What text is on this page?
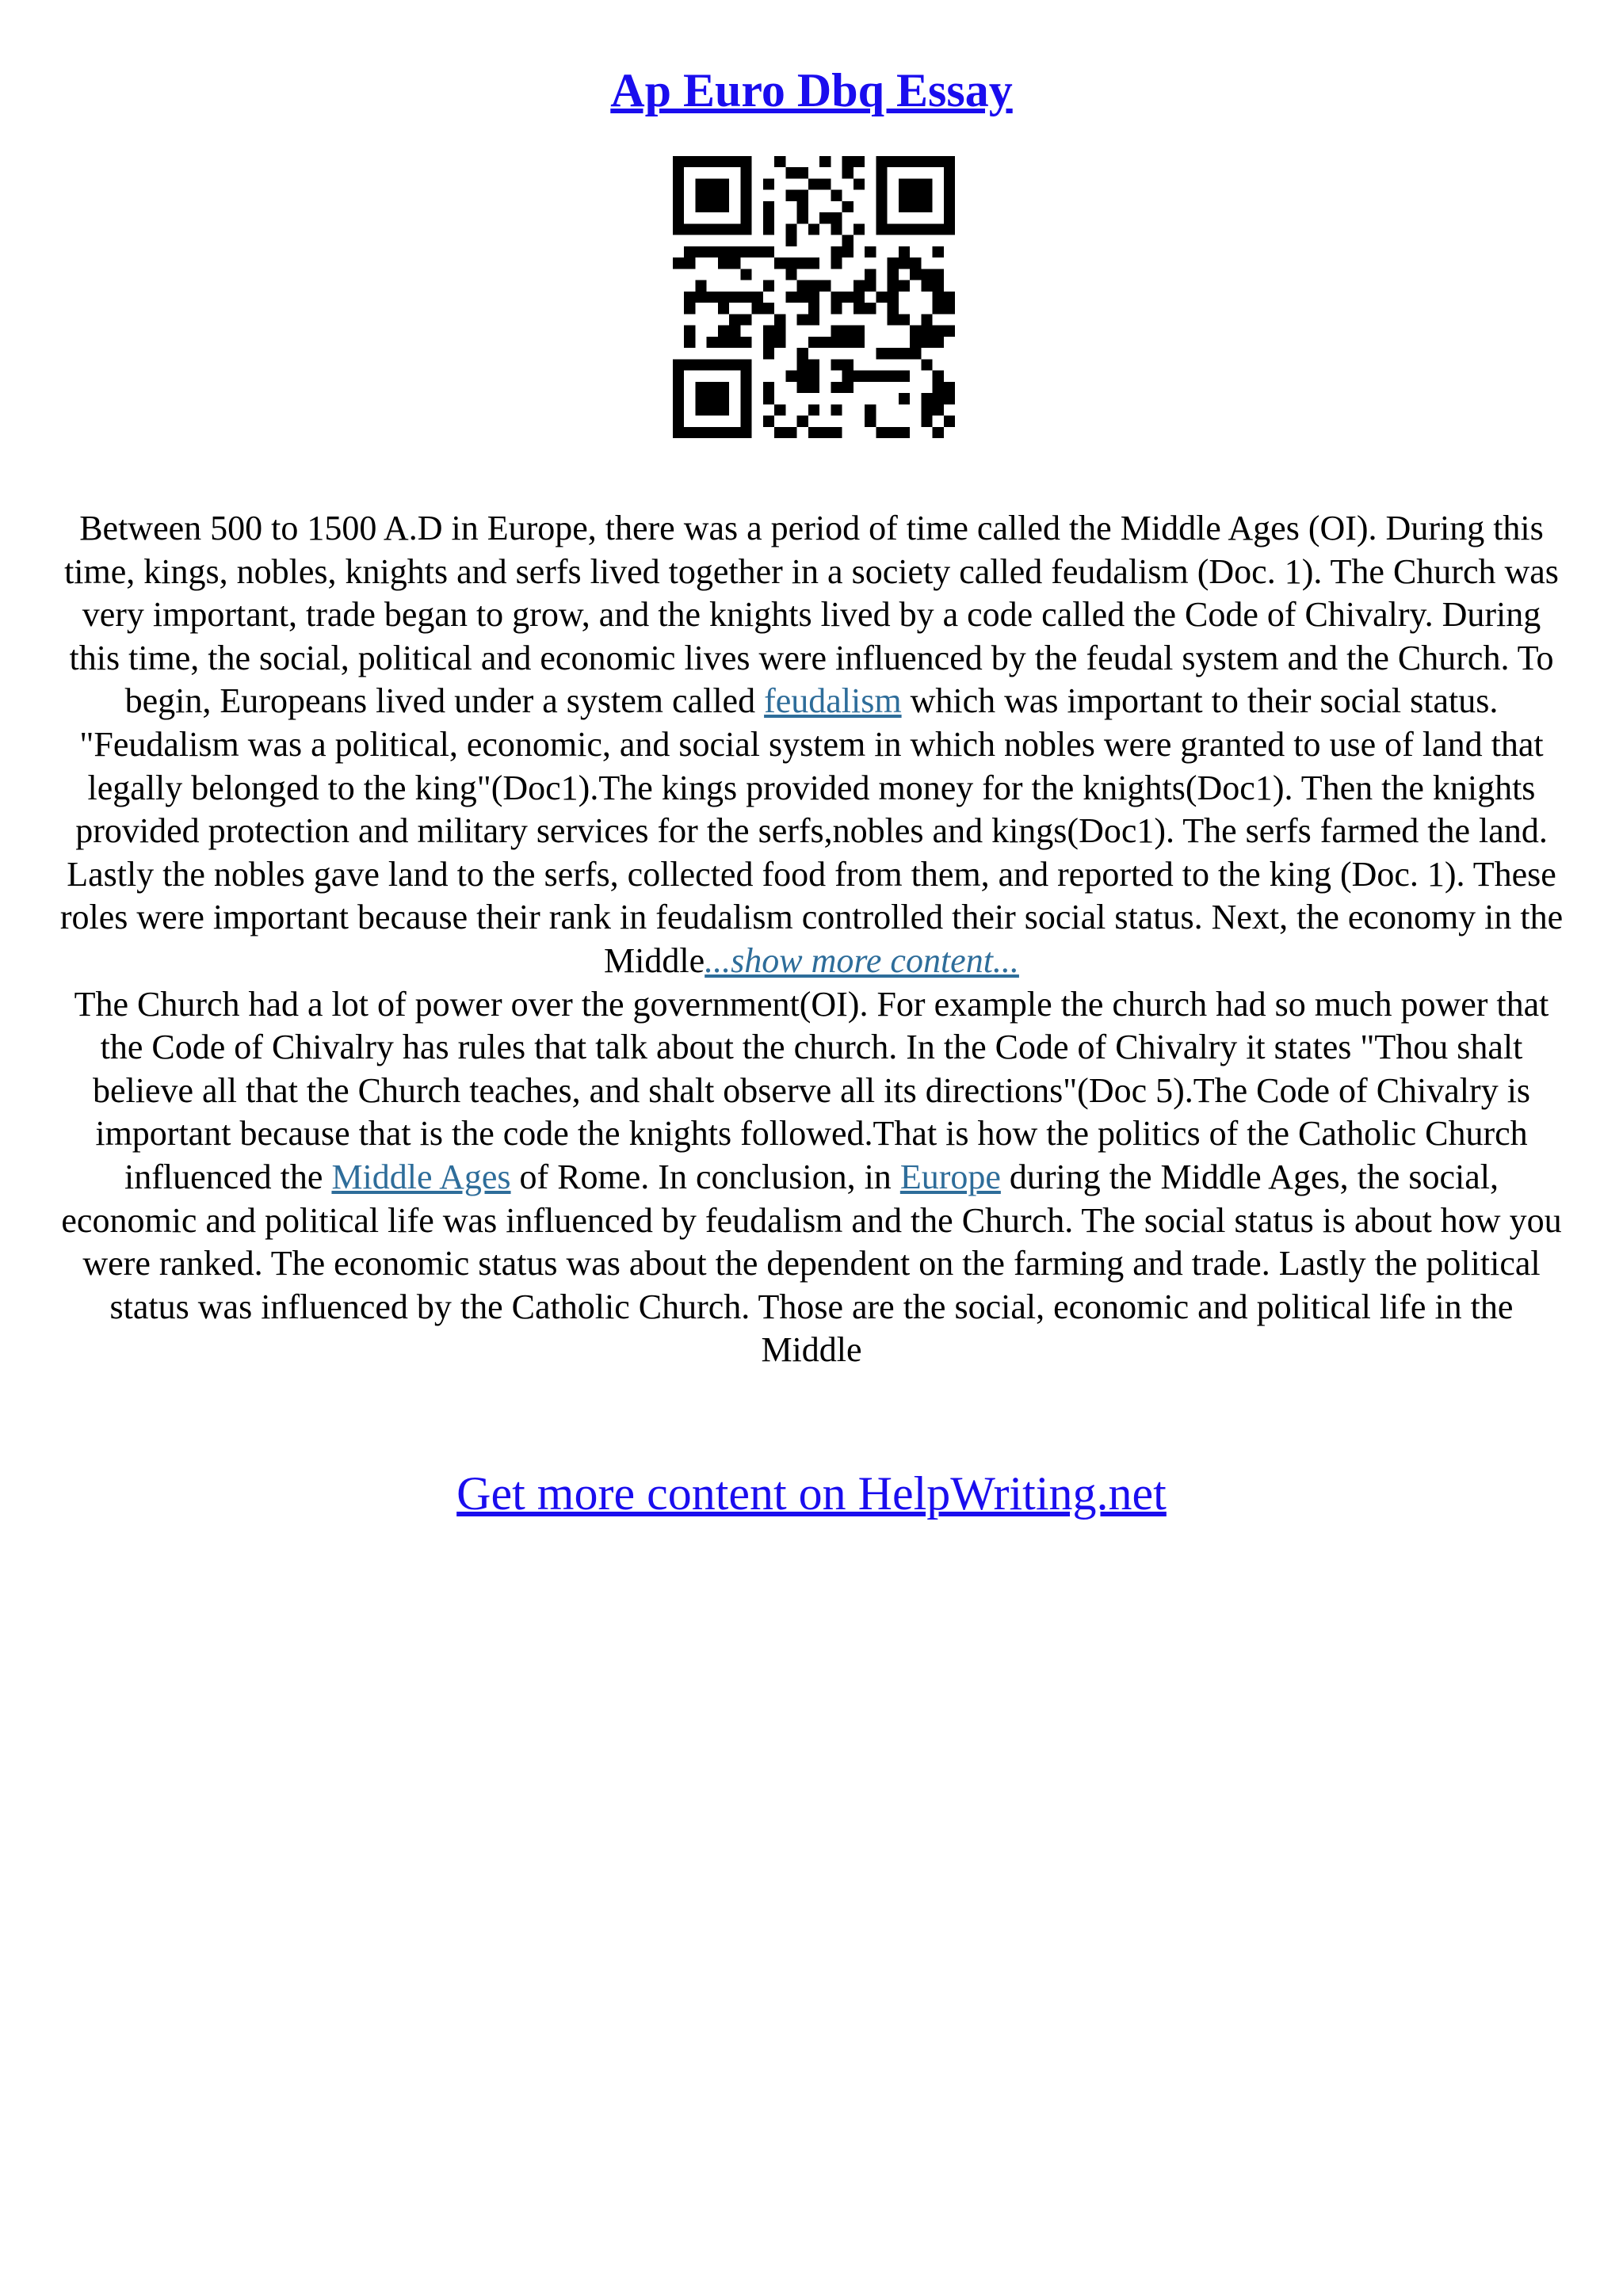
Ap Euro Dbq Essay

Between 500 to 1500 A.D in Europe, there was a period of time called the Middle Ages (OI). During this time, kings, nobles, knights and serfs lived together in a society called feudalism (Doc. 1). The Church was very important, trade began to grow, and the knights lived by a code called the Code of Chivalry. During this time, the social, political and economic lives were influenced by the feudal system and the Church. To begin, Europeans lived under a system called feudalism which was important to their social status. "Feudalism was a political, economic, and social system in which nobles were granted to use of land that legally belonged to the king"(Doc1).The kings provided money for the knights(Doc1). Then the knights provided protection and military services for the serfs,nobles and kings(Doc1). The serfs farmed the land. Lastly the nobles gave land to the serfs, collected food from them, and reported to the king (Doc. 1). These roles were important because their rank in feudalism controlled their social status. Next, the economy in the Middle...show more content...

The Church had a lot of power over the government(OI). For example the church had so much power that the Code of Chivalry has rules that talk about the church. In the Code of Chivalry it states "Thou shalt believe all that the Church teaches, and shalt observe all its directions"(Doc 5).The Code of Chivalry is important because that is the code the knights followed.That is how the politics of the Catholic Church influenced the Middle Ages of Rome. In conclusion, in Europe during the Middle Ages, the social, economic and political life was influenced by feudalism and the Church. The social status is about how you were ranked. The economic status was about the dependent on the farming and trade. Lastly the political status was influenced by the Catholic Church. Those are the social, economic and political life in the Middle

Get more content on HelpWriting.net
